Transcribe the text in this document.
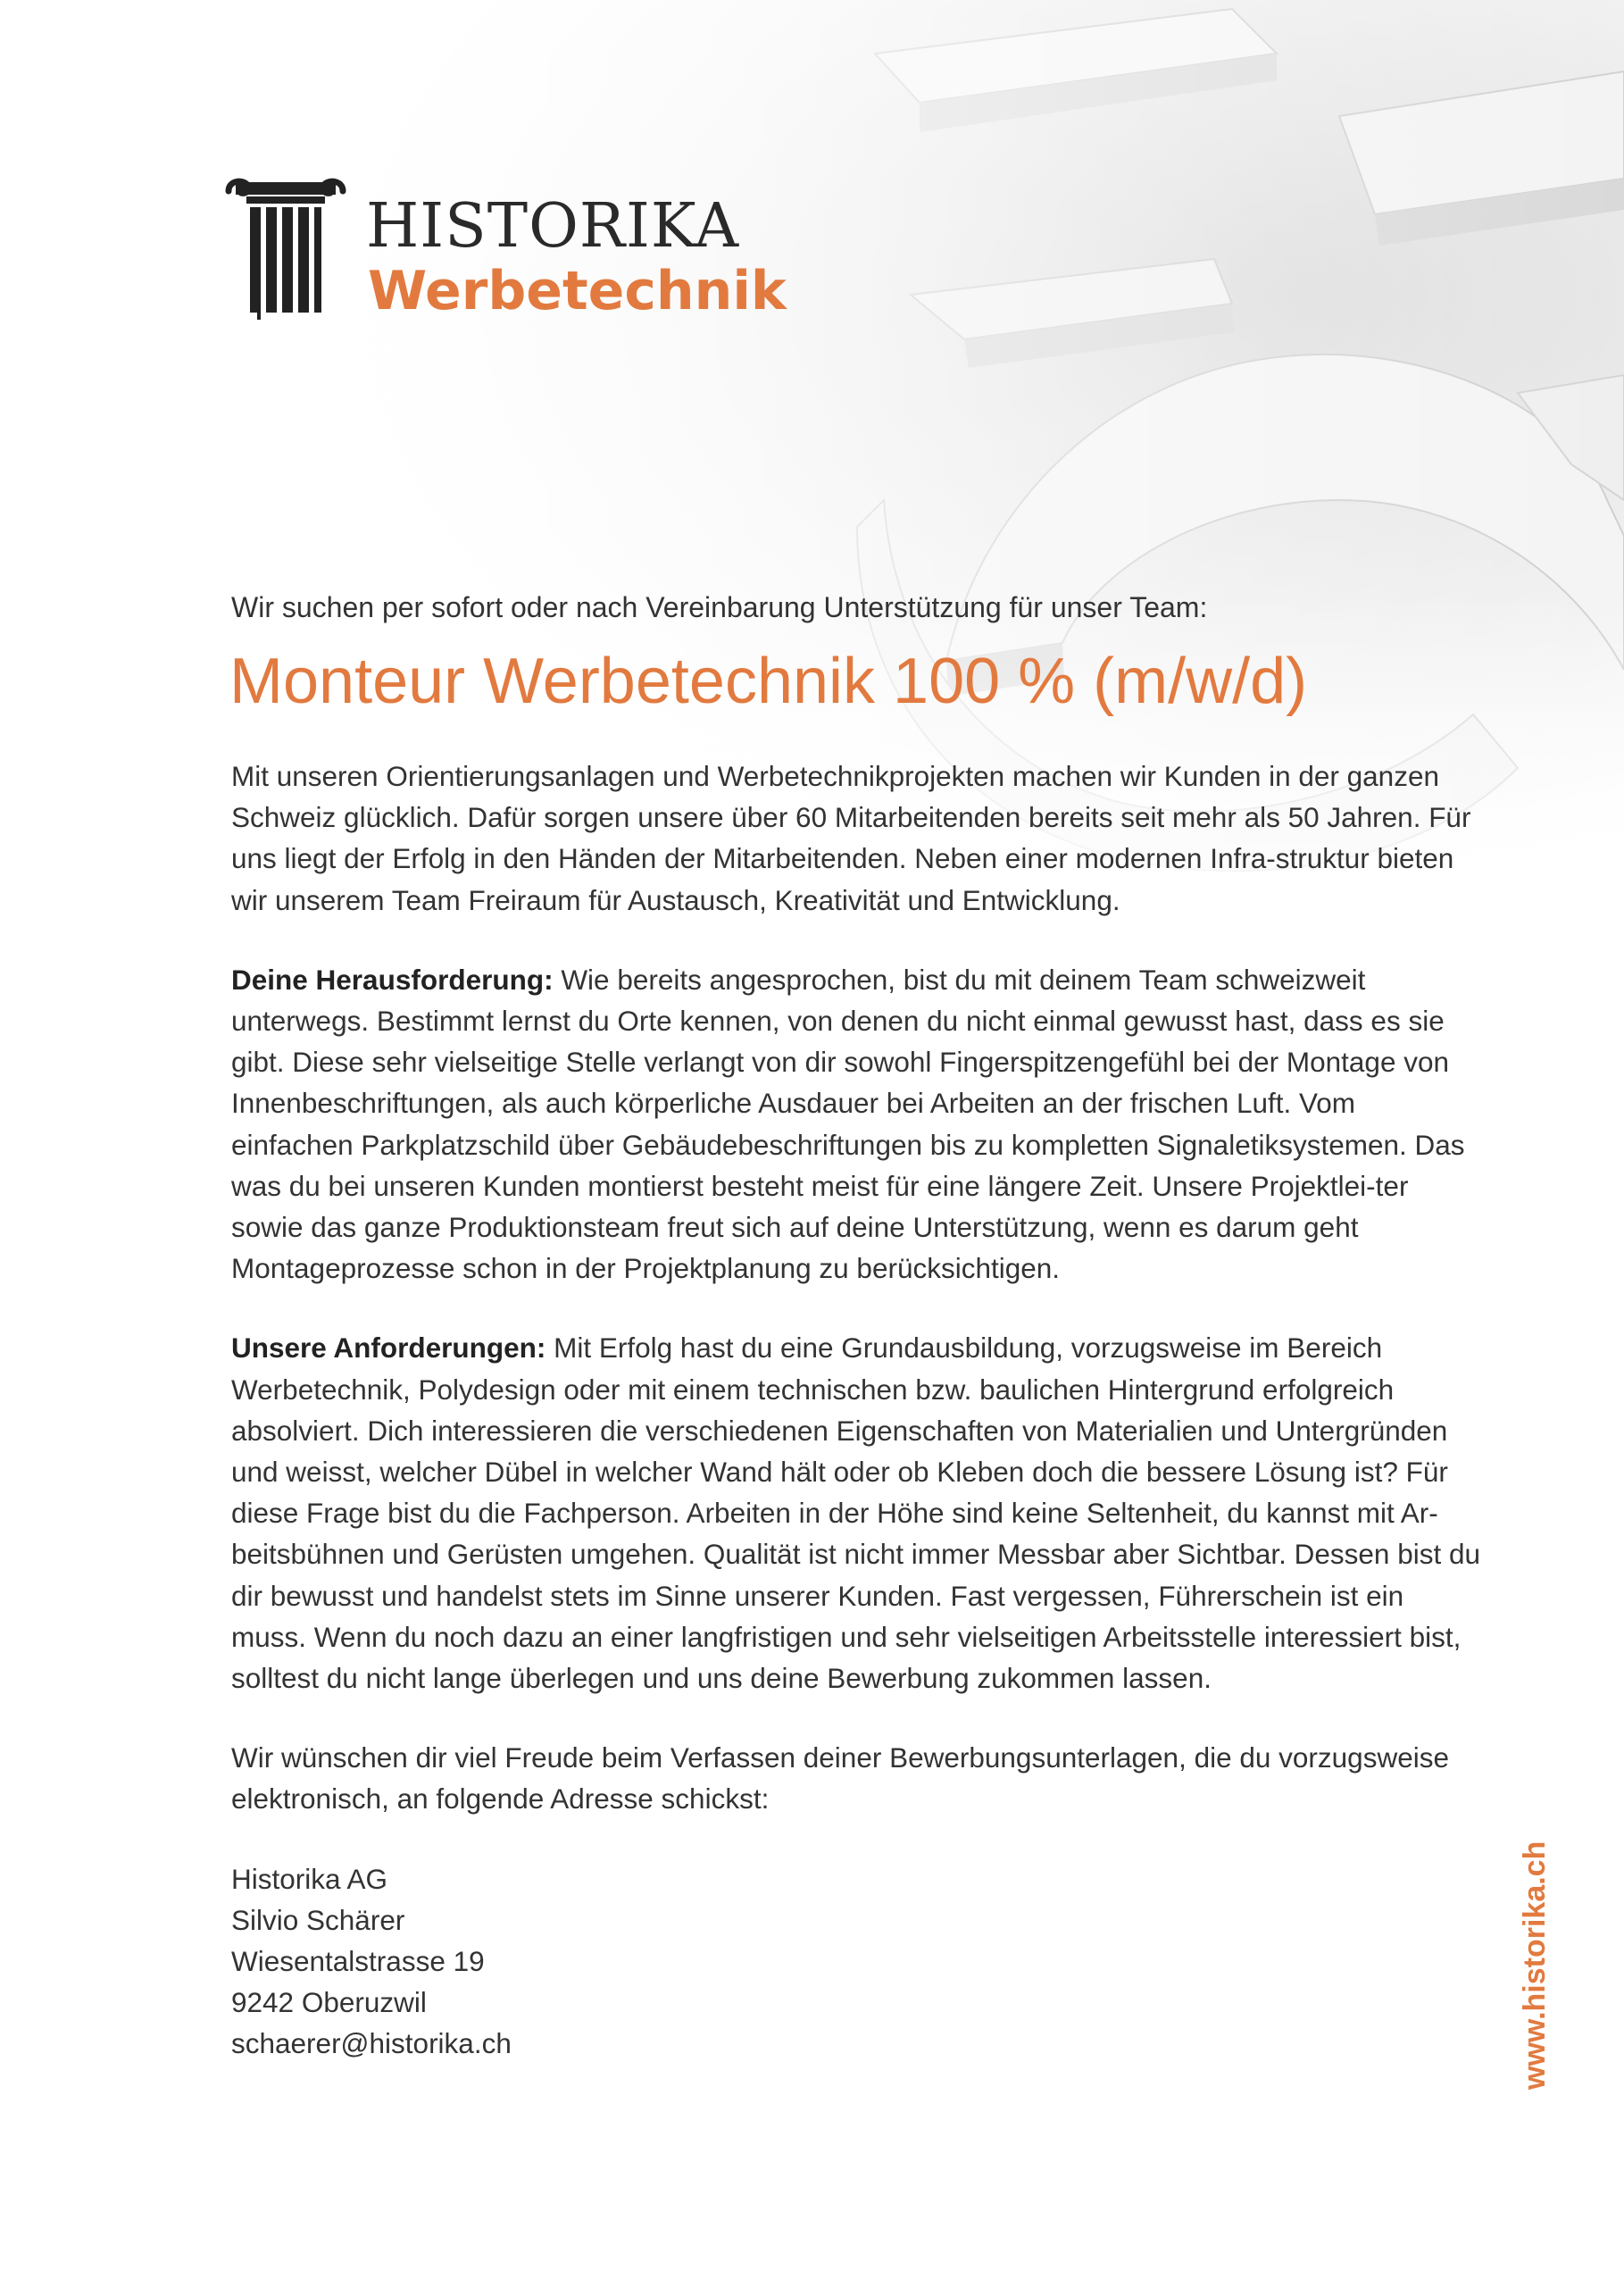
HISTORIKA
Werbetechnik

Wir suchen per sofort oder nach Vereinbarung Unterstützung für unser Team:

Monteur Werbetechnik 100 % (m/w/d)

Mit unseren Orientierungsanlagen und Werbetechnikprojekten machen wir Kunden in der ganzen Schweiz glücklich. Dafür sorgen unsere über 60 Mitarbeitenden bereits seit mehr als 50 Jahren. Für uns liegt der Erfolg in den Händen der Mitarbeitenden. Neben einer modernen Infra-struktur bieten wir unserem Team Freiraum für Austausch, Kreativität und Entwicklung.

Deine Herausforderung: Wie bereits angesprochen, bist du mit deinem Team schweizweit unterwegs. Bestimmt lernst du Orte kennen, von denen du nicht einmal gewusst hast, dass es sie gibt. Diese sehr vielseitige Stelle verlangt von dir sowohl Fingerspitzengefühl bei der Montage von Innenbeschriftungen, als auch körperliche Ausdauer bei Arbeiten an der frischen Luft. Vom einfachen Parkplatzschild über Gebäudebeschriftungen bis zu kompletten Signaletiksystemen. Das was du bei unseren Kunden montierst besteht meist für eine längere Zeit. Unsere Projektlei-ter sowie das ganze Produktionsteam freut sich auf deine Unterstützung, wenn es darum geht Montageprozesse schon in der Projektplanung zu berücksichtigen.

Unsere Anforderungen: Mit Erfolg hast du eine Grundausbildung, vorzugsweise im Bereich Werbetechnik, Polydesign oder mit einem technischen bzw. baulichen Hintergrund erfolgreich absolviert. Dich interessieren die verschiedenen Eigenschaften von Materialien und Untergründen und weisst, welcher Dübel in welcher Wand hält oder ob Kleben doch die bessere Lösung ist? Für diese Frage bist du die Fachperson. Arbeiten in der Höhe sind keine Seltenheit, du kannst mit Ar-beitsbühnen und Gerüsten umgehen. Qualität ist nicht immer Messbar aber Sichtbar. Dessen bist du dir bewusst und handelst stets im Sinne unserer Kunden. Fast vergessen, Führerschein ist ein muss. Wenn du noch dazu an einer langfristigen und sehr vielseitigen Arbeitsstelle interessiert bist, solltest du nicht lange überlegen und uns deine Bewerbung zukommen lassen.

Wir wünschen dir viel Freude beim Verfassen deiner Bewerbungsunterlagen, die du vorzugsweise elektronisch, an folgende Adresse schickst:

Historika AG
Silvio Schärer
Wiesentalstrasse 19
9242 Oberuzwil
schaerer@historika.ch	www.historika.ch
